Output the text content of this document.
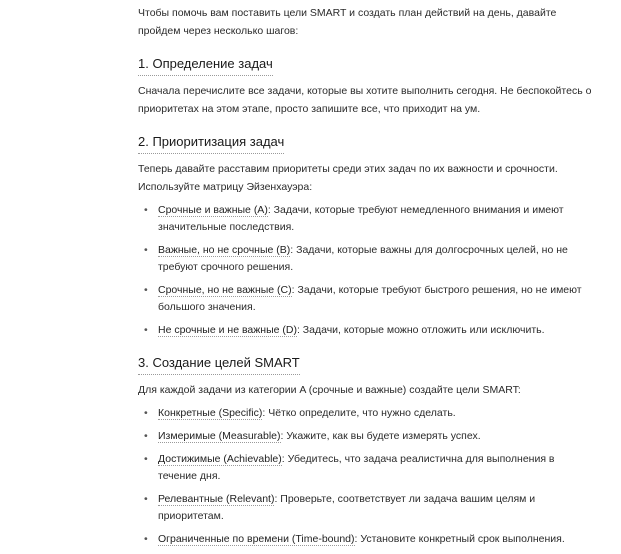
Чтобы помочь вам поставить цели SMART и создать план действий на день, давайте пройдем через несколько шагов:

1. Определение задач

Сначала перечислите все задачи, которые вы хотите выполнить сегодня. Не беспокойтесь о приоритетах на этом этапе, просто запишите все, что приходит на ум.

2. Приоритизация задач

Теперь давайте расставим приоритеты среди этих задач по их важности и срочности. Используйте матрицу Эйзенхауэра:

• Срочные и важные (A): Задачи, которые требуют немедленного внимания и имеют значительные последствия.
• Важные, но не срочные (B): Задачи, которые важны для долгосрочных целей, но не требуют срочного решения.
• Срочные, но не важные (C): Задачи, которые требуют быстрого решения, но не имеют большого значения.
• Не срочные и не важные (D): Задачи, которые можно отложить или исключить.
3. Создание целей SMART

Для каждой задачи из категории A (срочные и важные) создайте цели SMART:

• Конкретные (Specific): Чётко определите, что нужно сделать.
• Измеримые (Measurable): Укажите, как вы будете измерять успех.
• Достижимые (Achievable): Убедитесь, что задача реалистична для выполнения в течение дня.
• Релевантные (Relevant): Проверьте, соответствует ли задача вашим целям и приоритетам.
• Ограниченные по времени (Time-bound): Установите конкретный срок выполнения.
